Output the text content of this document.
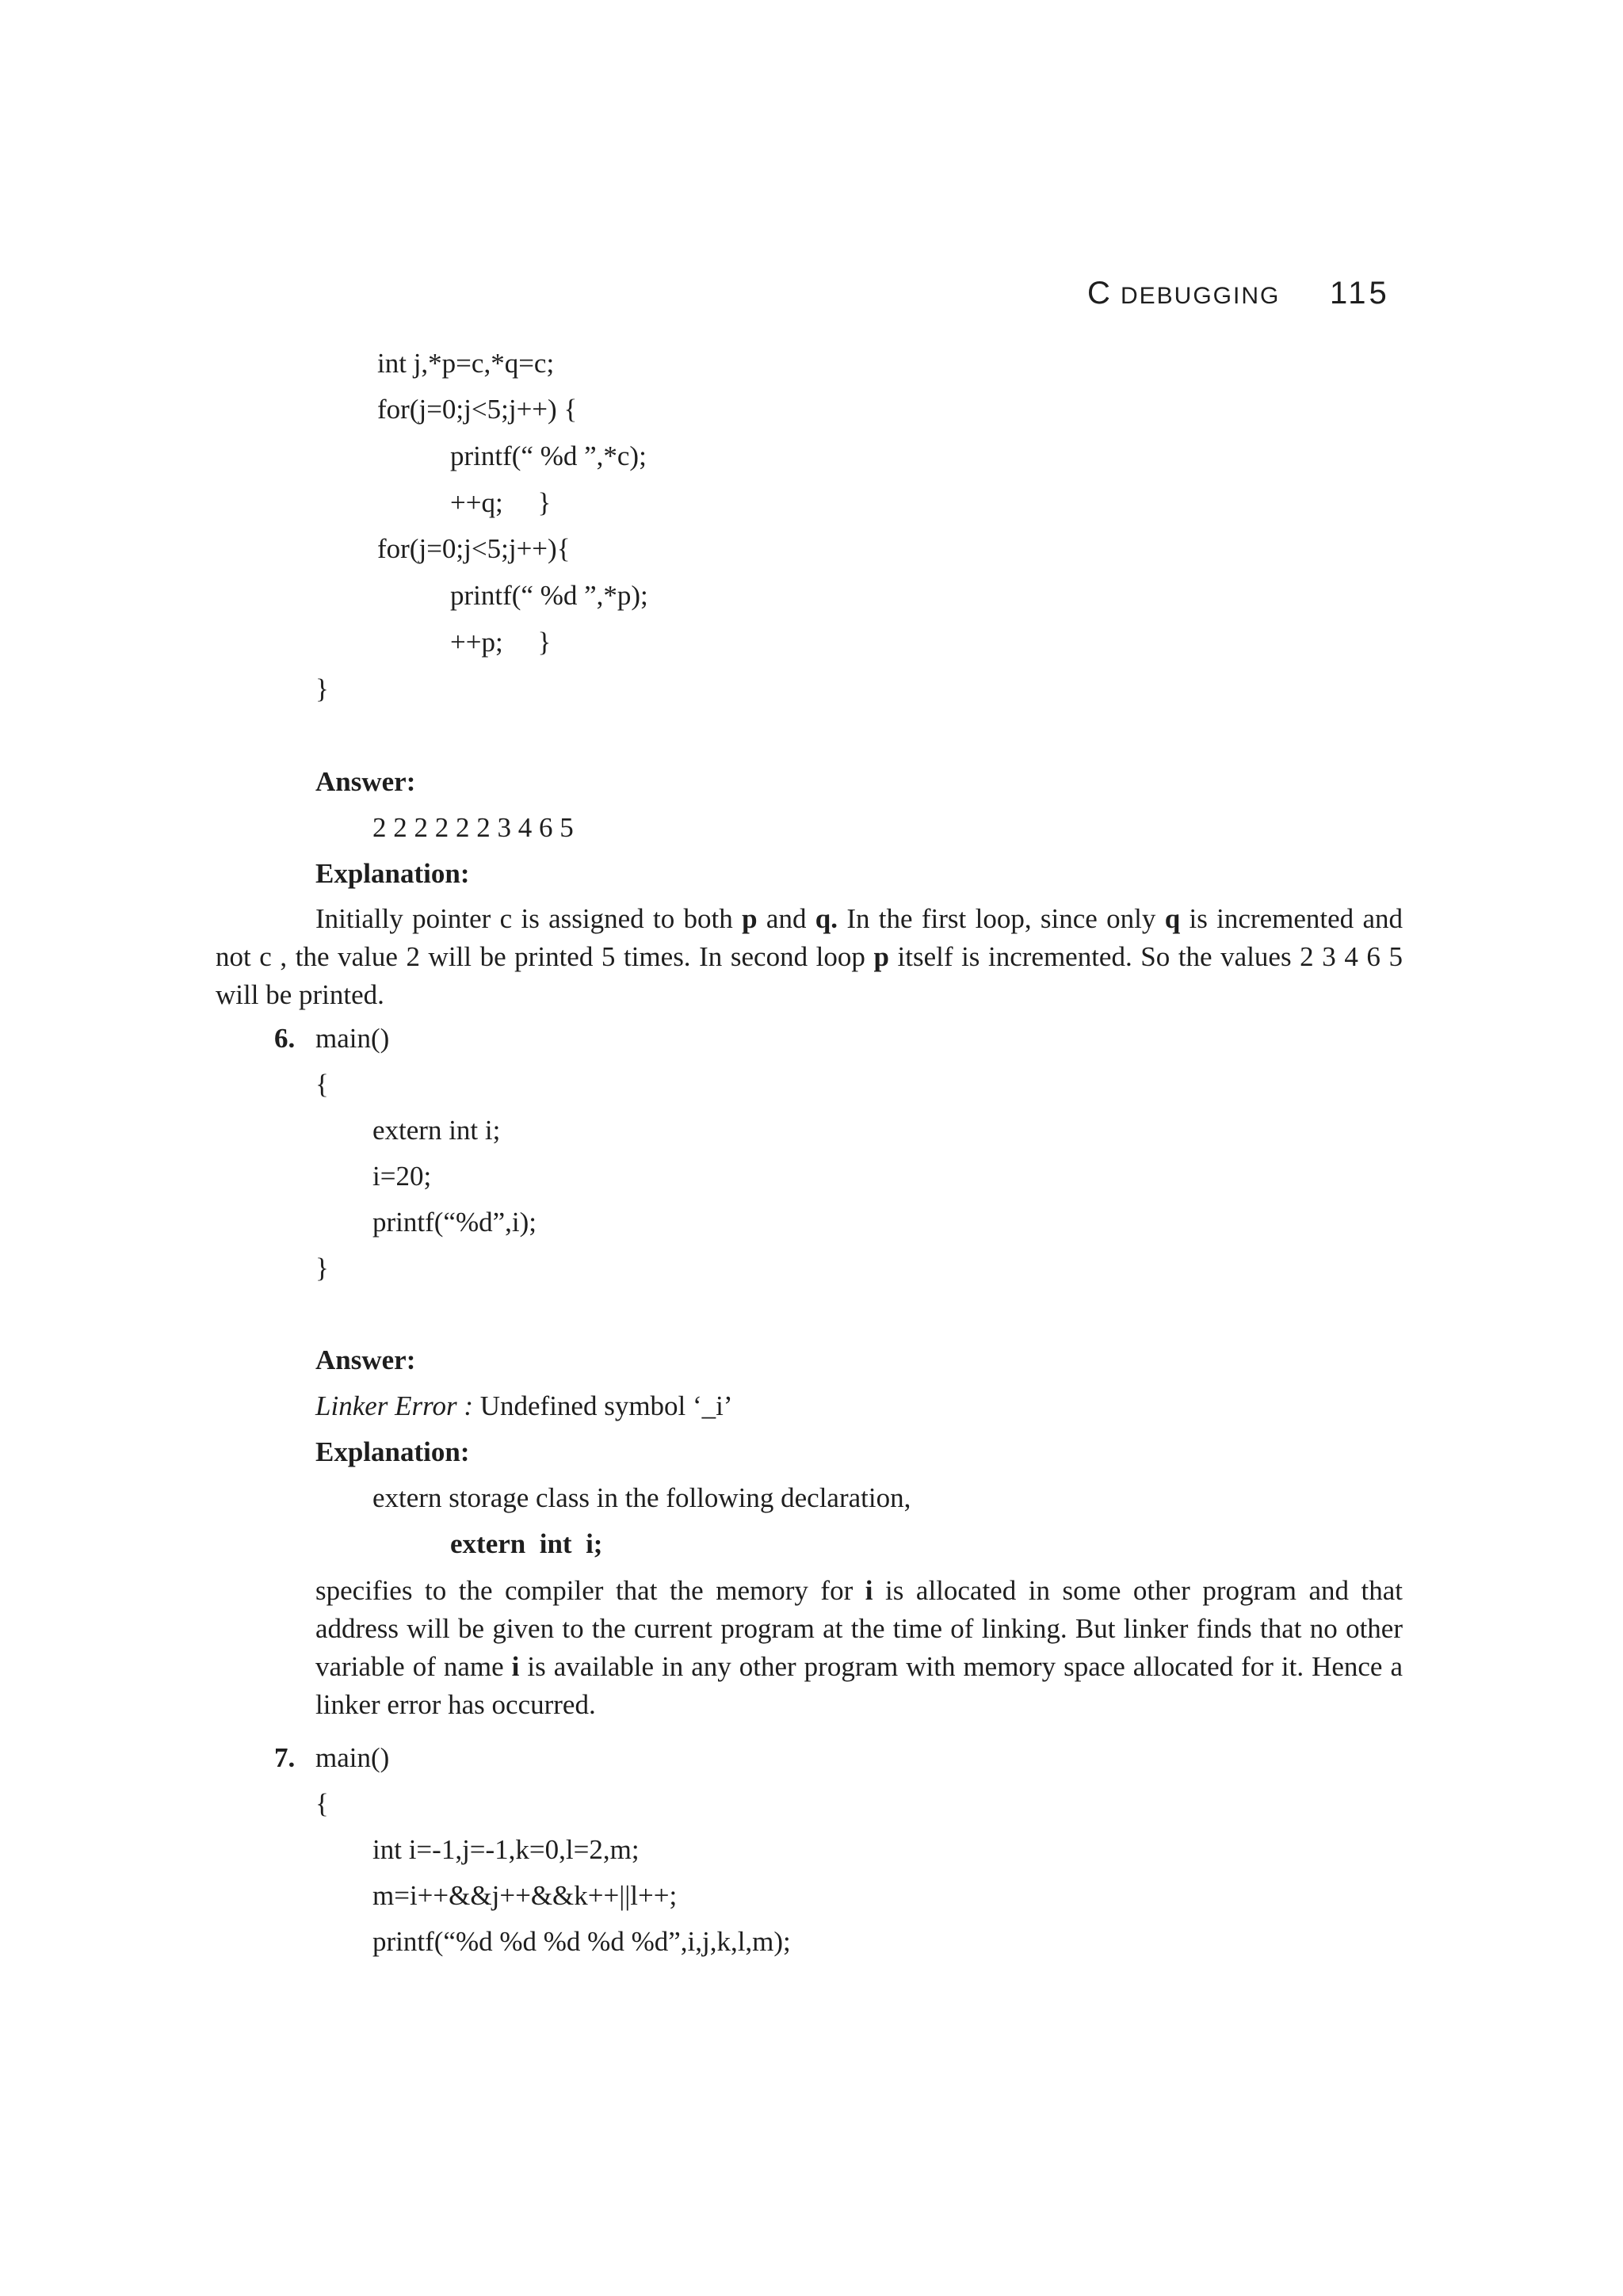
C DEBUGGING 115
int j,*p=c,*q=c;
for(j=0;j<5;j++) {
printf(“ %d ”,*c);
++q;     }
for(j=0;j<5;j++){
printf(“ %d ”,*p);
++p;     }
}
Answer:
2 2 2 2 2 2 3 4 6 5
Explanation:
Initially pointer c is assigned to both p and q. In the first loop, since only q is incremented and not c , the value 2 will be printed 5 times. In second loop p itself is incremented. So the values 2 3 4 6 5 will be printed.
6. main()
{
extern int i;
i=20;
printf(“%d”,i);
}
Answer:
Linker Error : Undefined symbol ‘_i’
Explanation:
extern storage class in the following declaration,
extern  int  i;
specifies to the compiler that the memory for i is allocated in some other program and that address will be given to the current program at the time of linking. But linker finds that no other variable of name i is available in any other program with memory space allocated for it. Hence a linker error has occurred.
7. main()
{
int i=-1,j=-1,k=0,l=2,m;
m=i++&&j++&&k++||l++;
printf(“%d %d %d %d %d”,i,j,k,l,m);
